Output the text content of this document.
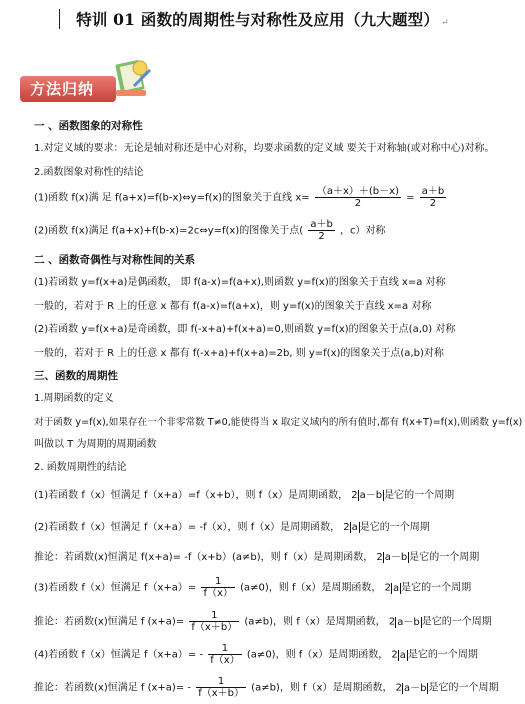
特训 01 函数的周期性与对称性及应用（九大题型） ↵
方法归纳
一 、函数图象的对称性
1.对定义域的要求：无论是轴对称还是中心对称，均要求函数的定义域 要关于对称轴(或对称中心)对称。
2.函数图象对称性的结论
(1)函数 f(x)满 足 f(a+x)=f(b-x)⇔y=f(x)的图象关于直线 $x= \frac{(a+x)+(b-x)}{2} = \frac{a+b}{2}$
(2)函数 f(x)满足 f(a+x)+f(b-x)=2c⇔y=f(x)的图像关于点( $\frac{a+b}{2}$ ，c）对称
二 、函数奇偶性与对称性间的关系
(1)若函数 y=f(x+a)是偶函数， 即 f(a-x)=f(a+x),则函数 y=f(x)的图象关于直线 x=a 对称
一般的，若对于 R 上的任意 x 都有 f(a-x)=f(a+x)，则 y=f(x)的图象关于直线 x=a 对称
(2)若函数 y=f(x+a)是奇函数，即 f(-x+a)+f(x+a)=0,则函数 y=f(x)的图象关于点(a,0) 对称
一般的，若对于 R 上的任意 x 都有 f(-x+a)+f(x+a)=2b, 则 y=f(x)的图象关于点(a,b)对称
三、函数的周期性
1.周期函数的定义
对于函数 y=f(x),如果存在一个非零常数 T≠0,能使得当 x 取定义域内的所有值时,都有 f(x+T)=f(x),则函数 y=f(x)
叫做以 T 为周期的周期函数
2. 函数周期性的结论
(1)若函数 f（x）恒满足 f（x+a）=f（x+b），则 f（x）是周期函数， 2 a－b 是它的一个周期
(2)若函数 f（x）恒满足 f（x+a）= -f（x），则 f（x）是周期函数， 2 a 是它的一个周期
推论：若函数(x)恒满足 f(x+a)= -f（x+b）(a≠b)，则 f（x）是周期函数， 2 a－b 是它的一个周期
(3)若函数 f（x）恒满足 $f(x+a)= \frac{1}{f(x)} (a\ne 0)$，则 f（x）是周期函数， 2 a 是它的一个周期
推论：若函数(x)恒满足 f $(x+a)= \frac{1}{f(x+b)} (a\ne b)$，则 f（x）是周期函数， 2 a－b 是它的一个周期
(4)若函数 f（x）恒满足 $f(x+a)= - \frac{1}{f(x)} (a\ne 0)$，则 f（x）是周期函数， 2 a 是它的一个周期
推论：若函数(x)恒满足 f $(x+a)= - \frac{1}{f(x+b)} (a\ne b)$，则 f（x）是周期函数， 2 a－b 是它的一个周期
